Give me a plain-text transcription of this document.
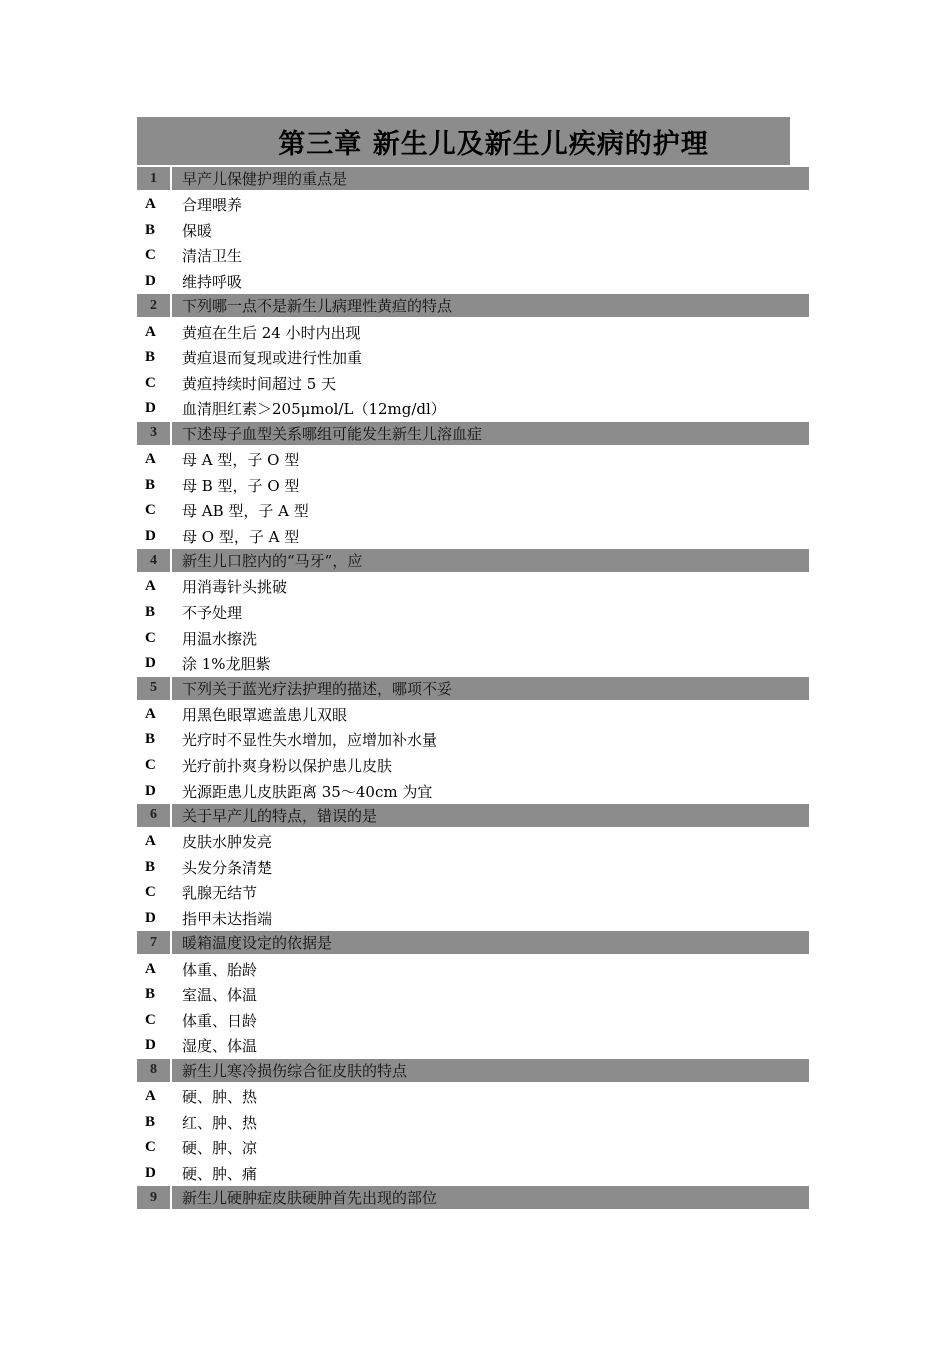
第三章 新生儿及新生儿疾病的护理
1	早产儿保健护理的重点是
A	合理喂养
B	保暖
C	清洁卫生
D	维持呼吸
2	下列哪一点不是新生儿病理性黄疸的特点
A	黄疸在生后 24 小时内出现
B	黄疸退而复现或进行性加重
C	黄疸持续时间超过 5 天
D	血清胆红素＞205μmol/L（12mg/dl）
3	下述母子血型关系哪组可能发生新生儿溶血症
A	母 A 型，子 O 型
B	母 B 型，子 O 型
C	母 AB 型，子 A 型
D	母 O 型，子 A 型
4	新生儿口腔内的“马牙”，应
A	用消毒针头挑破
B	不予处理
C	用温水擦洗
D	涂 1%龙胆紫
5	下列关于蓝光疗法护理的描述，哪项不妥
A	用黑色眼罩遮盖患儿双眼
B	光疗时不显性失水增加，应增加补水量
C	光疗前扑爽身粉以保护患儿皮肤
D	光源距患儿皮肤距离 35～40cm 为宜
6	关于早产儿的特点，错误的是
A	皮肤水肿发亮
B	头发分条清楚
C	乳腺无结节
D	指甲未达指端
7	暖箱温度设定的依据是
A	体重、胎龄
B	室温、体温
C	体重、日龄
D	湿度、体温
8	新生儿寒冷损伤综合征皮肤的特点
A	硬、肿、热
B	红、肿、热
C	硬、肿、凉
D	硬、肿、痛
9	新生儿硬肿症皮肤硬肿首先出现的部位
